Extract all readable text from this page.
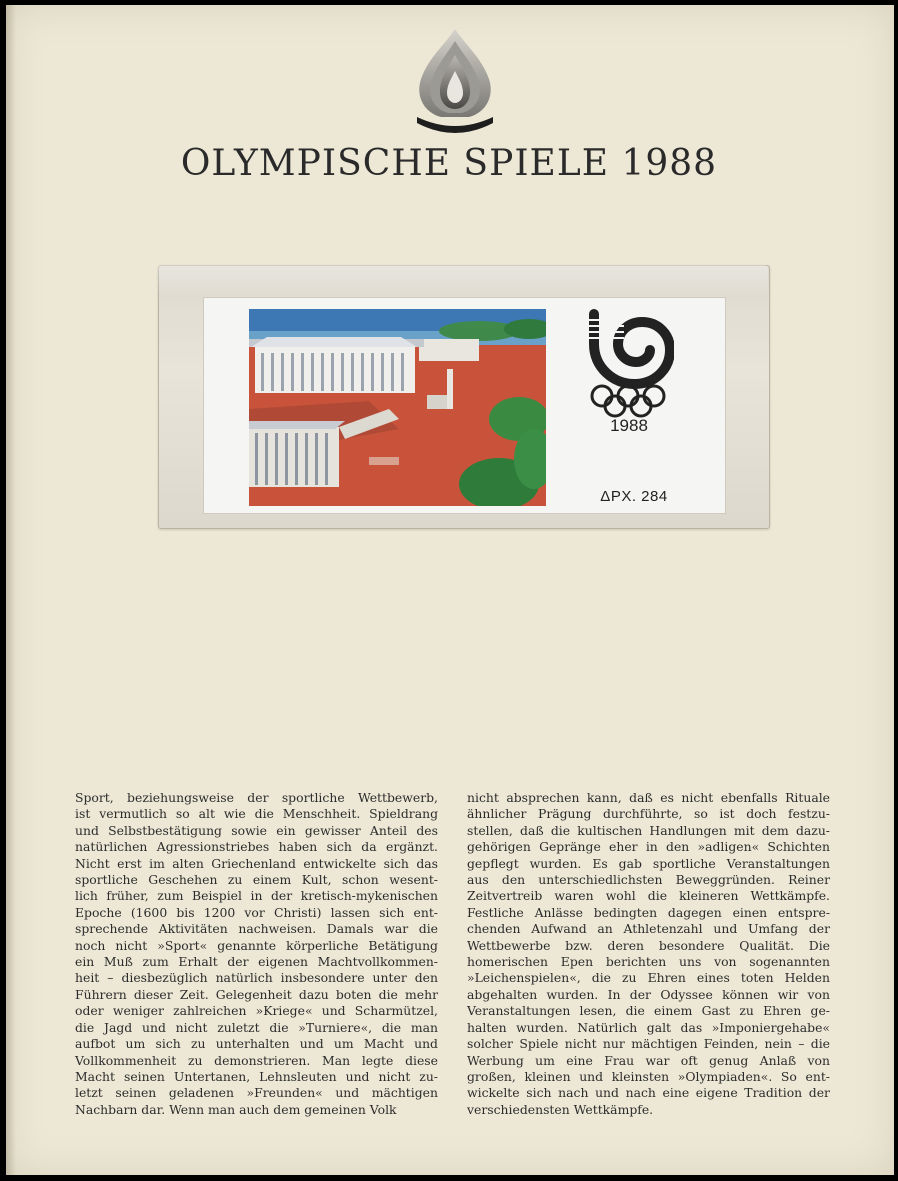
OLYMPISCHE SPIELE 1988
Sport, beziehungsweise der sportliche Wettbewerb,
ist vermutlich so alt wie die Menschheit. Spieldrang
und Selbstbestätigung sowie ein gewisser Anteil des
natürlichen Agressionstriebes haben sich da ergänzt.
Nicht erst im alten Griechenland entwickelte sich das
sportliche Geschehen zu einem Kult, schon wesent-
lich früher, zum Beispiel in der kretisch-mykenischen
Epoche (1600 bis 1200 vor Christi) lassen sich ent-
sprechende Aktivitäten nachweisen. Damals war die
noch nicht »Sport« genannte körperliche Betätigung
ein Muß zum Erhalt der eigenen Machtvollkommen-
heit – diesbezüglich natürlich insbesondere unter den
Führern dieser Zeit. Gelegenheit dazu boten die mehr
oder weniger zahlreichen »Kriege« und Scharmützel,
die Jagd und nicht zuletzt die »Turniere«, die man
aufbot um sich zu unterhalten und um Macht und
Vollkommenheit zu demonstrieren. Man legte diese
Macht seinen Untertanen, Lehnsleuten und nicht zu-
letzt seinen geladenen »Freunden« und mächtigen
Nachbarn dar. Wenn man auch dem gemeinen Volk
nicht absprechen kann, daß es nicht ebenfalls Rituale
ähnlicher Prägung durchführte, so ist doch festzu-
stellen, daß die kultischen Handlungen mit dem dazu-
gehörigen Gepränge eher in den »adligen« Schichten
gepflegt wurden. Es gab sportliche Veranstaltungen
aus den unterschiedlichsten Beweggründen. Reiner
Zeitvertreib waren wohl die kleineren Wettkämpfe.
Festliche Anlässe bedingten dagegen einen entspre-
chenden Aufwand an Athletenzahl und Umfang der
Wettbewerbe bzw. deren besondere Qualität. Die
homerischen Epen berichten uns von sogenannten
»Leichenspielen«, die zu Ehren eines toten Helden
abgehalten wurden. In der Odyssee können wir von
Veranstaltungen lesen, die einem Gast zu Ehren ge-
halten wurden. Natürlich galt das »Imponiergehabe«
solcher Spiele nicht nur mächtigen Feinden, nein – die
Werbung um eine Frau war oft genug Anlaß von
großen, kleinen und kleinsten »Olympiaden«. So ent-
wickelte sich nach und nach eine eigene Tradition der
verschiedensten Wettkämpfe.

1988

ΔPX. 284
